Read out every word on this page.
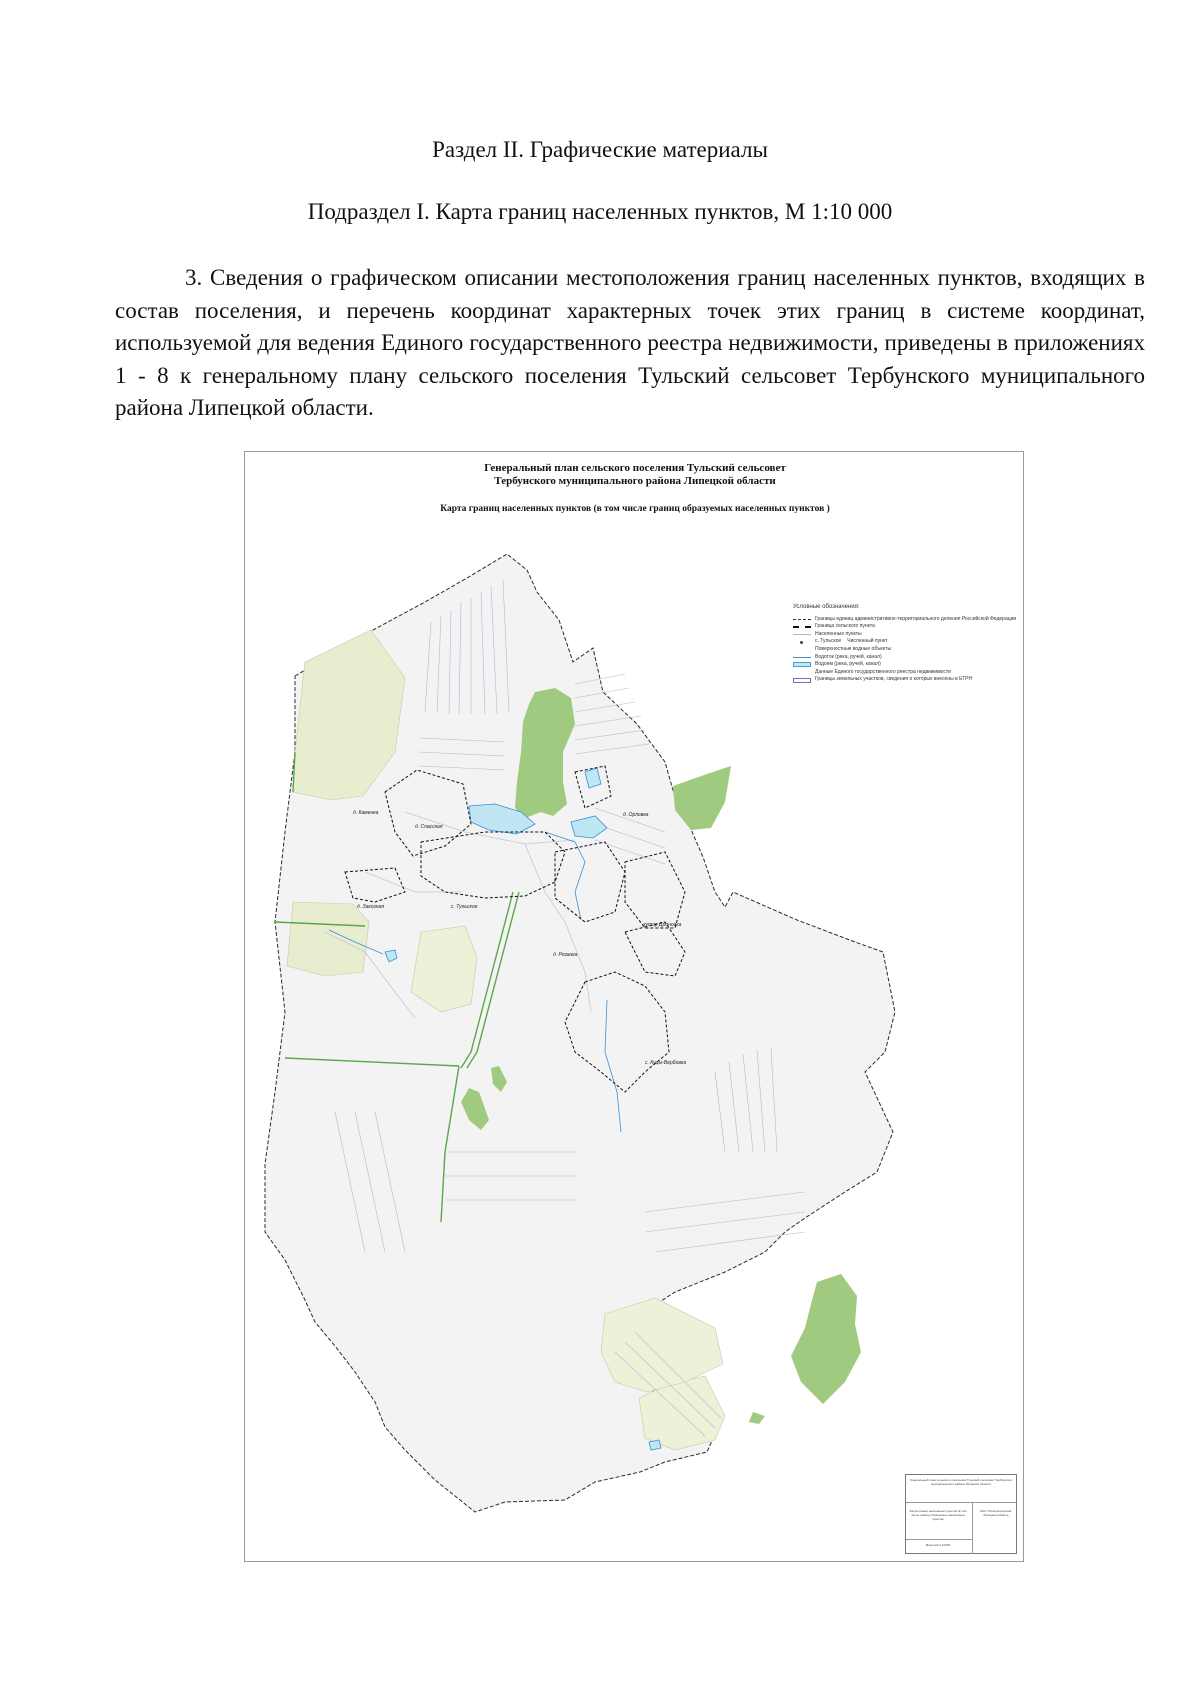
Раздел II. Графические материалы
Подраздел I. Карта границ населенных пунктов, М 1:10 000
3. Сведения о графическом описании местоположения границ населенных пунктов, входящих в состав поселения, и перечень координат характерных точек этих границ в системе координат, используемой для ведения Единого государственного реестра недвижимости, приведены в приложениях 1 - 8 к генеральному плану сельского поселения Тульский сельсовет Тербунского муниципального района Липецкой области.
Генеральный план сельского поселения Тульский сельсовет
Тербунского муниципального района Липецкой области
Карта границ населенных пунктов (в том числе границ образуемых населенных пунктов )
Условные обозначения:
Границы единиц административно-территориального деления Российской Федерации
Граница сельского пункта
Населенные пункты
с. Тульское Численный пункт
Поверхностные водные объекты
Водоток (река, ручей, канал)
Водоем (река, ручей, канал)
Данные Единого государственного реестра недвижимости
Границы земельных участков, сведения о которых внесены в ЕГРН
д. Каменка
д. Спасская
д. Орловка
д. Закозная	с. Тульское
хутор Дроновка
д. Рязанка
с. Куцы-Вербовка
Генеральный план сельского поселения Тульский сельсовет Тербунского муниципального района Липецкой области
Карта границ населенных пунктов (в том числе границ образуемых населенных пунктов)
ОАО "Липецкгипрозем" Липецкая область
Масштаб 1:10000
